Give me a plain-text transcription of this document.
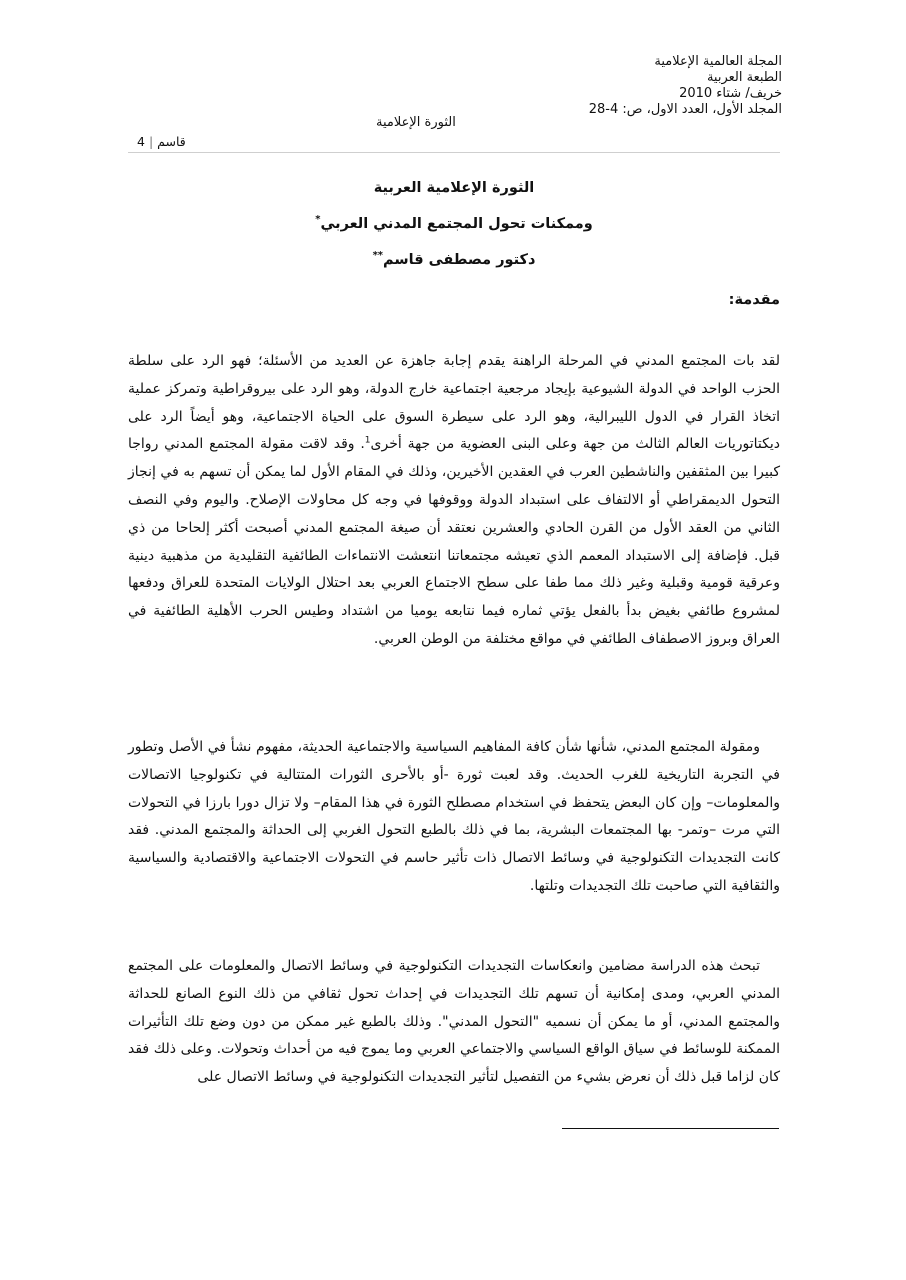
المجلة العالمية الإعلامية
الطبعة العربية
خريف/ شتاء 2010
المجلد الأول، العدد الاول، ص: 4-28
الثورة الإعلامية
قاسم|4
الثورة الإعلامية العربية
وممكنات تحول المجتمع المدني العربي*
دكتور مصطفى قاسم**
مقدمة:

لقد بات المجتمع المدني في المرحلة الراهنة يقدم إجابة جاهزة عن العديد من الأسئلة؛ فهو الرد على سلطة الحزب الواحد في الدولة الشيوعية بإيجاد مرجعية اجتماعية خارج الدولة، وهو الرد على بيروقراطية وتمركز عملية اتخاذ القرار في الدول الليبرالية، وهو الرد على سيطرة السوق على الحياة الاجتماعية، وهو أيضاً الرد على ديكتاتوريات العالم الثالث من جهة وعلى البنى العضوية من جهة أخرى$^1$. وقد لاقت مقولة المجتمع المدني رواجا كبيرا بين المثقفين والناشطين العرب في العقدين الأخيرين، وذلك في المقام الأول لما يمكن أن تسهم به في إنجاز التحول الديمقراطي أو الالتفاف على استبداد الدولة ووقوفها في وجه كل محاولات الإصلاح. واليوم وفي النصف الثاني من العقد الأول من القرن الحادي والعشرين نعتقد أن صيغة المجتمع المدني أصبحت أكثر إلحاحا من ذي قبل. فإضافة إلى الاستبداد المعمم الذي تعيشه مجتمعاتنا انتعشت الانتماءات الطائفية التقليدية من مذهبية دينية وعرقية قومية وقبلية وغير ذلك مما طفا على سطح الاجتماع العربي بعد احتلال الولايات المتحدة للعراق ودفعها لمشروع طائفي بغيض بدأ بالفعل يؤتي ثماره فيما نتابعه يوميا من اشتداد وطيس الحرب الأهلية الطائفية في العراق وبروز الاصطفاف الطائفي في مواقع مختلفة من الوطن العربي.

ومقولة المجتمع المدني، شأنها شأن كافة المفاهيم السياسية والاجتماعية الحديثة، مفهوم نشأ في الأصل وتطور في التجربة التاريخية للغرب الحديث. وقد لعبت ثورة -أو بالأحرى الثورات المتتالية في تكنولوجيا الاتصالات والمعلومات– وإن كان البعض يتحفظ في استخدام مصطلح الثورة في هذا المقام– ولا تزال دورا بارزا في التحولات التي مرت –وتمر- بها المجتمعات البشرية، بما في ذلك بالطبع التحول الغربي إلى الحداثة والمجتمع المدني. فقد كانت التجديدات التكنولوجية في وسائط الاتصال ذات تأثير حاسم في التحولات الاجتماعية والاقتصادية والسياسية والثقافية التي صاحبت تلك التجديدات وتلتها.

تبحث هذه الدراسة مضامين وانعكاسات التجديدات التكنولوجية في وسائط الاتصال والمعلومات على المجتمع المدني العربي، ومدى إمكانية أن تسهم تلك التجديدات في إحداث تحول ثقافي من ذلك النوع الصانع للحداثة والمجتمع المدني، أو ما يمكن أن نسميه "التحول المدني". وذلك بالطبع غير ممكن من دون وضع تلك التأثيرات الممكنة للوسائط في سياق الواقع السياسي والاجتماعي العربي وما يموج فيه من أحداث وتحولات. وعلى ذلك فقد كان لزاما قبل ذلك أن نعرض بشيء من التفصيل لتأثير التجديدات التكنولوجية في وسائط الاتصال على
